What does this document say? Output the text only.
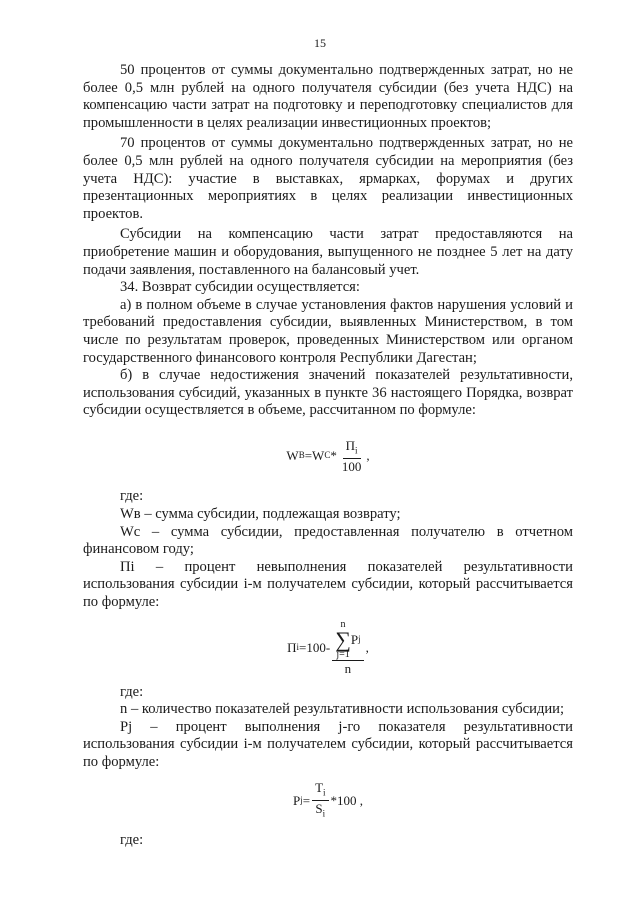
15

50 процентов от суммы документально подтвержденных затрат, но не более 0,5 млн рублей на одного получателя субсидии (без учета НДС) на компенсацию части затрат на подготовку и переподготовку специалистов для промышленности в целях реализации инвестиционных проектов;

70 процентов от суммы документально подтвержденных затрат, но не более 0,5 млн рублей на одного получателя субсидии на мероприятия (без учета НДС): участие в выставках, ярмарках, форумах и других презентационных мероприятиях в целях реализации инвестиционных проектов.

Субсидии на компенсацию части затрат предоставляются на приобретение машин и оборудования, выпущенного не позднее 5 лет на дату подачи заявления, поставленного на балансовый учет.

34. Возврат субсидии осуществляется:

а) в полном объеме в случае установления фактов нарушения условий и требований предоставления субсидии, выявленных Министерством, в том числе по результатам проверок, проведенных Министерством или органом государственного финансового контроля Республики Дагестан;

б) в случае недостижения значений показателей результативности, использования субсидий, указанных в пункте 36 настоящего Порядка, возврат субсидии осуществляется в объеме, рассчитанном по формуле:

W B =W C * $\frac{П_i}{100}$ ,

где:

Wв – сумма субсидии, подлежащая возврату;

Wс – сумма субсидии, предоставленная получателю в отчетном финансовом году;

Пi – процент невыполнения показателей результативности использования субсидии i-м получателем субсидии, который рассчитывается по формуле:

П i =100- n
∑
j=1
P j
n ,

где:

n – количество показателей результативности использования субсидии;

Pj – процент выполнения j-го показателя результативности использования субсидии i-м получателем субсидии, который рассчитывается по формуле:

P $j = \frac{T_i}{S_i} *100$ ,

где:
